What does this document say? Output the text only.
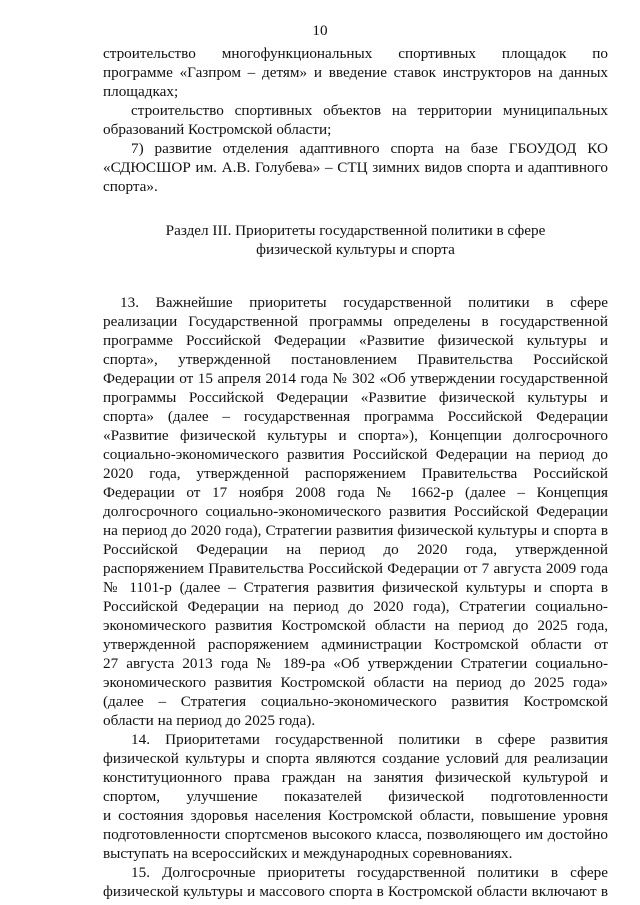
10
строительство многофункциональных спортивных площадок по
программе «Газпром – детям» и введение ставок инструкторов на данных
площадках;
строительство спортивных объектов на территории муниципальных
образований Костромской области;
7) развитие отделения адаптивного спорта на базе ГБОУДОД КО
«СДЮСШОР им. А.В. Голубева» – СТЦ зимних видов спорта и адаптивного
спорта».
Раздел III. Приоритеты государственной политики в сфере
физической культуры и спорта
13. Важнейшие приоритеты государственной политики в сфере
реализации Государственной программы определены в государственной
программе Российской Федерации «Развитие физической культуры и
спорта», утвержденной постановлением Правительства Российской
Федерации от 15 апреля 2014 года № 302 «Об утверждении государственной
программы Российской Федерации «Развитие физической культуры и
спорта» (далее – государственная программа Российской Федерации
«Развитие физической культуры и спорта»), Концепции долгосрочного
социально-экономического развития Российской Федерации на период до
2020 года, утвержденной распоряжением Правительства Российской
Федерации от 17 ноября 2008 года № 1662-р (далее – Концепция
долгосрочного социально-экономического развития Российской Федерации
на период до 2020 года), Стратегии развития физической культуры и спорта в
Российской Федерации на период до 2020 года, утвержденной
распоряжением Правительства Российской Федерации от 7 августа 2009 года
№ 1101-р (далее – Стратегия развития физической культуры и спорта в
Российской Федерации на период до 2020 года), Стратегии социально-
экономического развития Костромской области на период до 2025 года,
утвержденной распоряжением администрации Костромской области от
27 августа 2013 года № 189-ра «Об утверждении Стратегии социально-
экономического развития Костромской области на период до 2025 года»
(далее – Стратегия социально-экономического развития Костромской
области на период до 2025 года).
14. Приоритетами государственной политики в сфере развития
физической культуры и спорта являются создание условий для реализации
конституционного права граждан на занятия физической культурой и
спортом, улучшение показателей физической подготовленности
и состояния здоровья населения Костромской области, повышение уровня
подготовленности спортсменов высокого класса, позволяющего им достойно
выступать на всероссийских и международных соревнованиях.
15. Долгосрочные приоритеты государственной политики в сфере
физической культуры и массового спорта в Костромской области включают в
